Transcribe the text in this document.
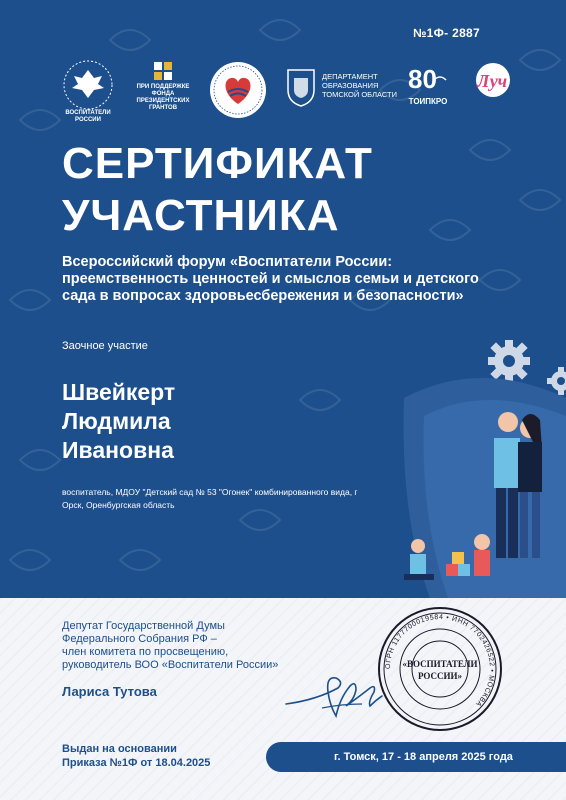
№1Ф- 2887
ВОСПИТАТЕЛИ РОССИИ
ПРИ ПОДДЕРЖКЕ ФОНДА ПРЕЗИДЕНТСКИХ ГРАНТОВ
ДЕПАРТАМЕНТ ОБРАЗОВАНИЯ ТОМСКОЙ ОБЛАСТИ
80
ТОИПКРО
Луч
СЕРТИФИКАТ
УЧАСТНИКА
Всероссийский форум «Воспитатели России: преемственность ценностей и смыслов семьи и детского сада в вопросах здоровьесбережения и безопасности»
Заочное участие
Швейкерт
Людмила
Ивановна
воспитатель, МДОУ "Детский сад № 53 "Огонек" комбинированного вида, г Орск, Оренбургская область
Депутат Государственной Думы
Федерального Собрания РФ –
член комитета по просвещению,
руководитель ВОО «Воспитатели России»
Лариса Тутова
ОГРН 1177700019584 • ИНН 7702426522 • МОСКВА
«ВОСПИТАТЕЛИ
РОССИИ»
Выдан на основании
Приказа №1Ф от 18.04.2025	г. Томск, 17 - 18 апреля 2025 года
